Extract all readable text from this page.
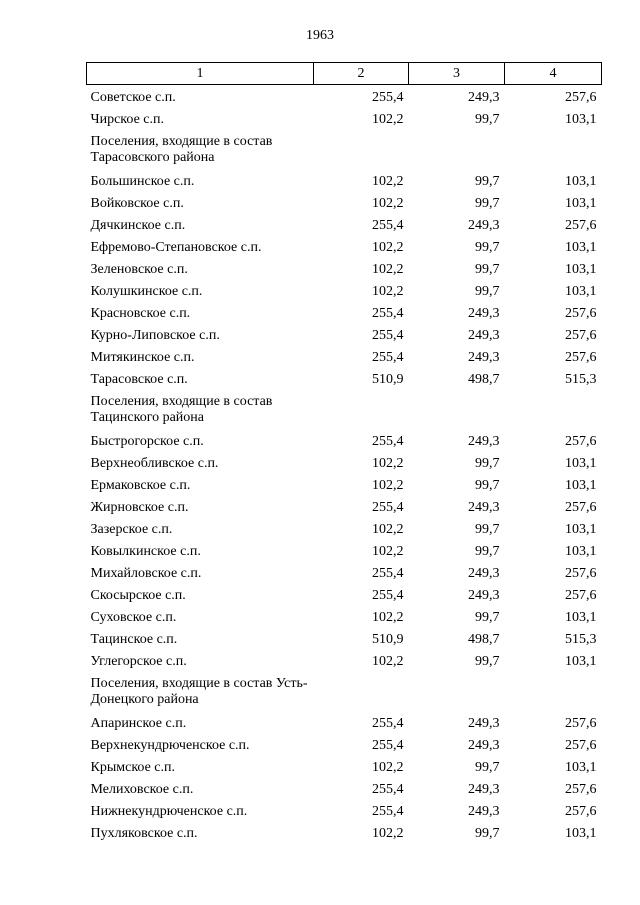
1963
1	2	3	4
Советское с.п.	255,4	249,3	257,6
Чирское с.п.	102,2	99,7	103,1
Поселения, входящие в состав Тарасовского района			
Большинское с.п.	102,2	99,7	103,1
Войковское с.п.	102,2	99,7	103,1
Дячкинское с.п.	255,4	249,3	257,6
Ефремово-Степановское с.п.	102,2	99,7	103,1
Зеленовское с.п.	102,2	99,7	103,1
Колушкинское с.п.	102,2	99,7	103,1
Красновское с.п.	255,4	249,3	257,6
Курно-Липовское с.п.	255,4	249,3	257,6
Митякинское с.п.	255,4	249,3	257,6
Тарасовское с.п.	510,9	498,7	515,3
Поселения, входящие в состав Тацинского района			
Быстрогорское с.п.	255,4	249,3	257,6
Верхнеобливское с.п.	102,2	99,7	103,1
Ермаковское с.п.	102,2	99,7	103,1
Жирновское с.п.	255,4	249,3	257,6
Зазерское с.п.	102,2	99,7	103,1
Ковылкинское с.п.	102,2	99,7	103,1
Михайловское с.п.	255,4	249,3	257,6
Скосырское с.п.	255,4	249,3	257,6
Суховское с.п.	102,2	99,7	103,1
Тацинское с.п.	510,9	498,7	515,3
Углегорское с.п.	102,2	99,7	103,1
Поселения, входящие в состав Усть-Донецкого района			
Апаринское с.п.	255,4	249,3	257,6
Верхнекундрюченское с.п.	255,4	249,3	257,6
Крымское с.п.	102,2	99,7	103,1
Мелиховское с.п.	255,4	249,3	257,6
Нижнекундрюченское с.п.	255,4	249,3	257,6
Пухляковское с.п.	102,2	99,7	103,1
